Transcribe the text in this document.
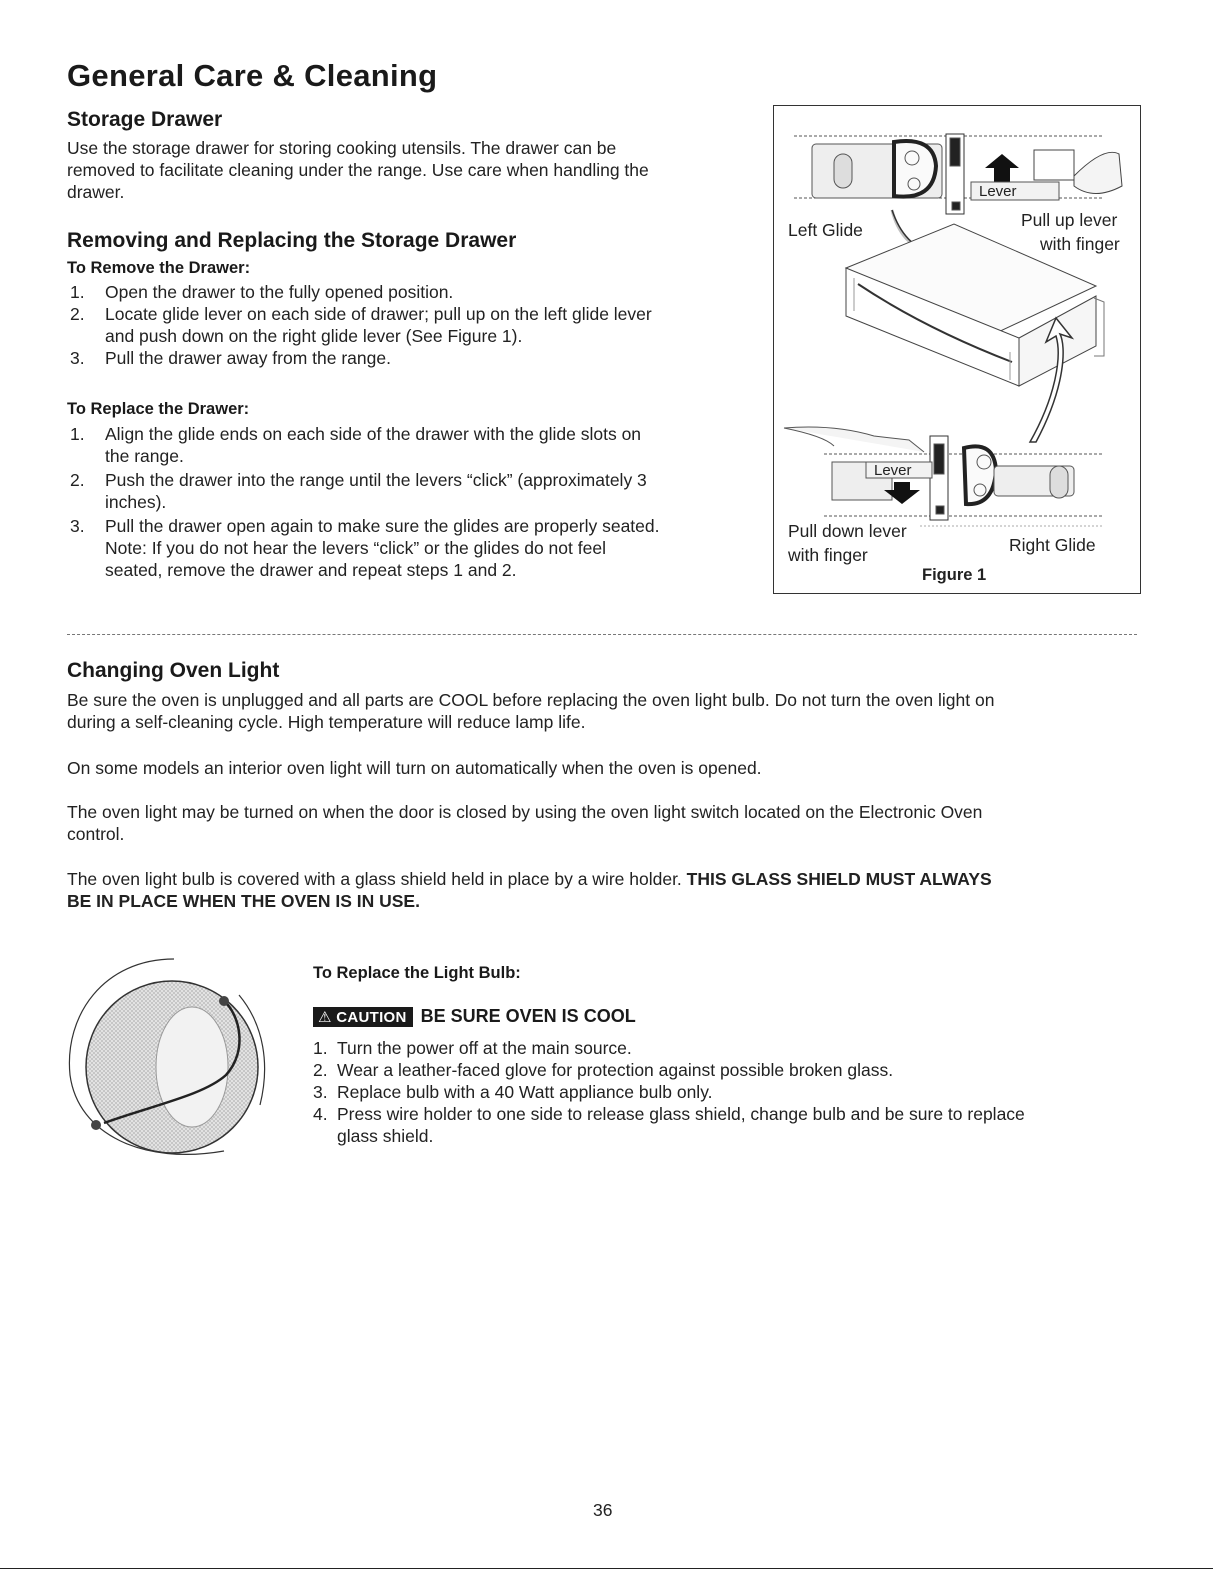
General Care & Cleaning
Storage Drawer
Use the storage drawer for storing cooking utensils. The drawer can be
removed to facilitate cleaning under the range. Use care when handling the
drawer.
Removing and Replacing the Storage Drawer
To Remove the Drawer:
1. Open the drawer to the fully opened position.
2. Locate glide lever on each side of drawer; pull up on the left glide lever
and push down on the right glide lever (See Figure 1).
3. Pull the drawer away from the range.
To Replace the Drawer:
1. Align the glide ends on each side of the drawer with the glide slots on
the range.
2. Push the drawer into the range until the levers “click” (approximately 3
inches).
3. Pull the drawer open again to make sure the glides are properly seated.
Note: If you do not hear the levers “click” or the glides do not feel
seated, remove the drawer and repeat steps 1 and 2.
Lever
Lever
Left Glide	Pull up lever
with finger
Pull down lever
with finger	Right Glide
Figure 1
Changing Oven Light
Be sure the oven is unplugged and all parts are COOL before replacing the oven light bulb. Do not turn the oven light on
during a self-cleaning cycle. High temperature will reduce lamp life.
On some models an interior oven light will turn on automatically when the oven is opened.
The oven light may be turned on when the door is closed by using the oven light switch located on the Electronic Oven
control.
The oven light bulb is covered with a glass shield held in place by a wire holder. THIS GLASS SHIELD MUST ALWAYS
BE IN PLACE WHEN THE OVEN IS IN USE.
To Replace the Light Bulb:
⚠ CAUTION BE SURE OVEN IS COOL
1. Turn the power off at the main source.
2. Wear a leather-faced glove for protection against possible broken glass.
3. Replace bulb with a 40 Watt appliance bulb only.
4. Press wire holder to one side to release glass shield, change bulb and be sure to replace
glass shield.
36
